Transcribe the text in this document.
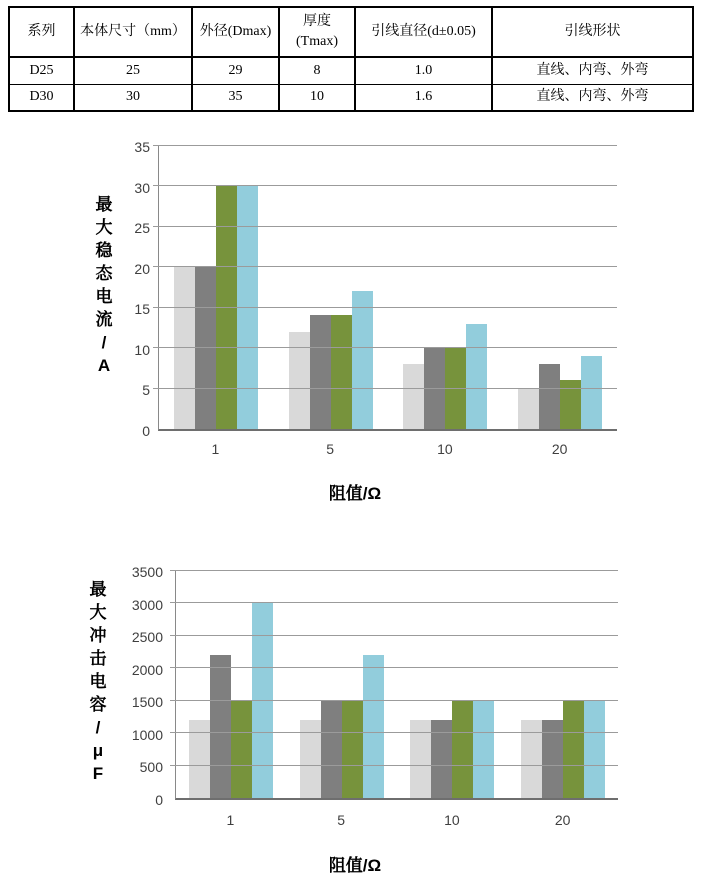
系列	本体尺寸（mm）	外径(Dmax)	厚度(Tmax)	引线直径(d±0.05)	引线形状
D25	25	29	8	1.0	直线、内弯、外弯
D30	30	35	10	1.6	直线、内弯、外弯
最
大
稳
态
电
流
/
A
0
5
10
15
20
25
30
35
1	5	10	20
阻值/Ω
最
大
冲
击
电
容
/
μ
F
0
500
1000
1500
2000
2500
3000
3500
1	5	10	20
阻值/Ω
